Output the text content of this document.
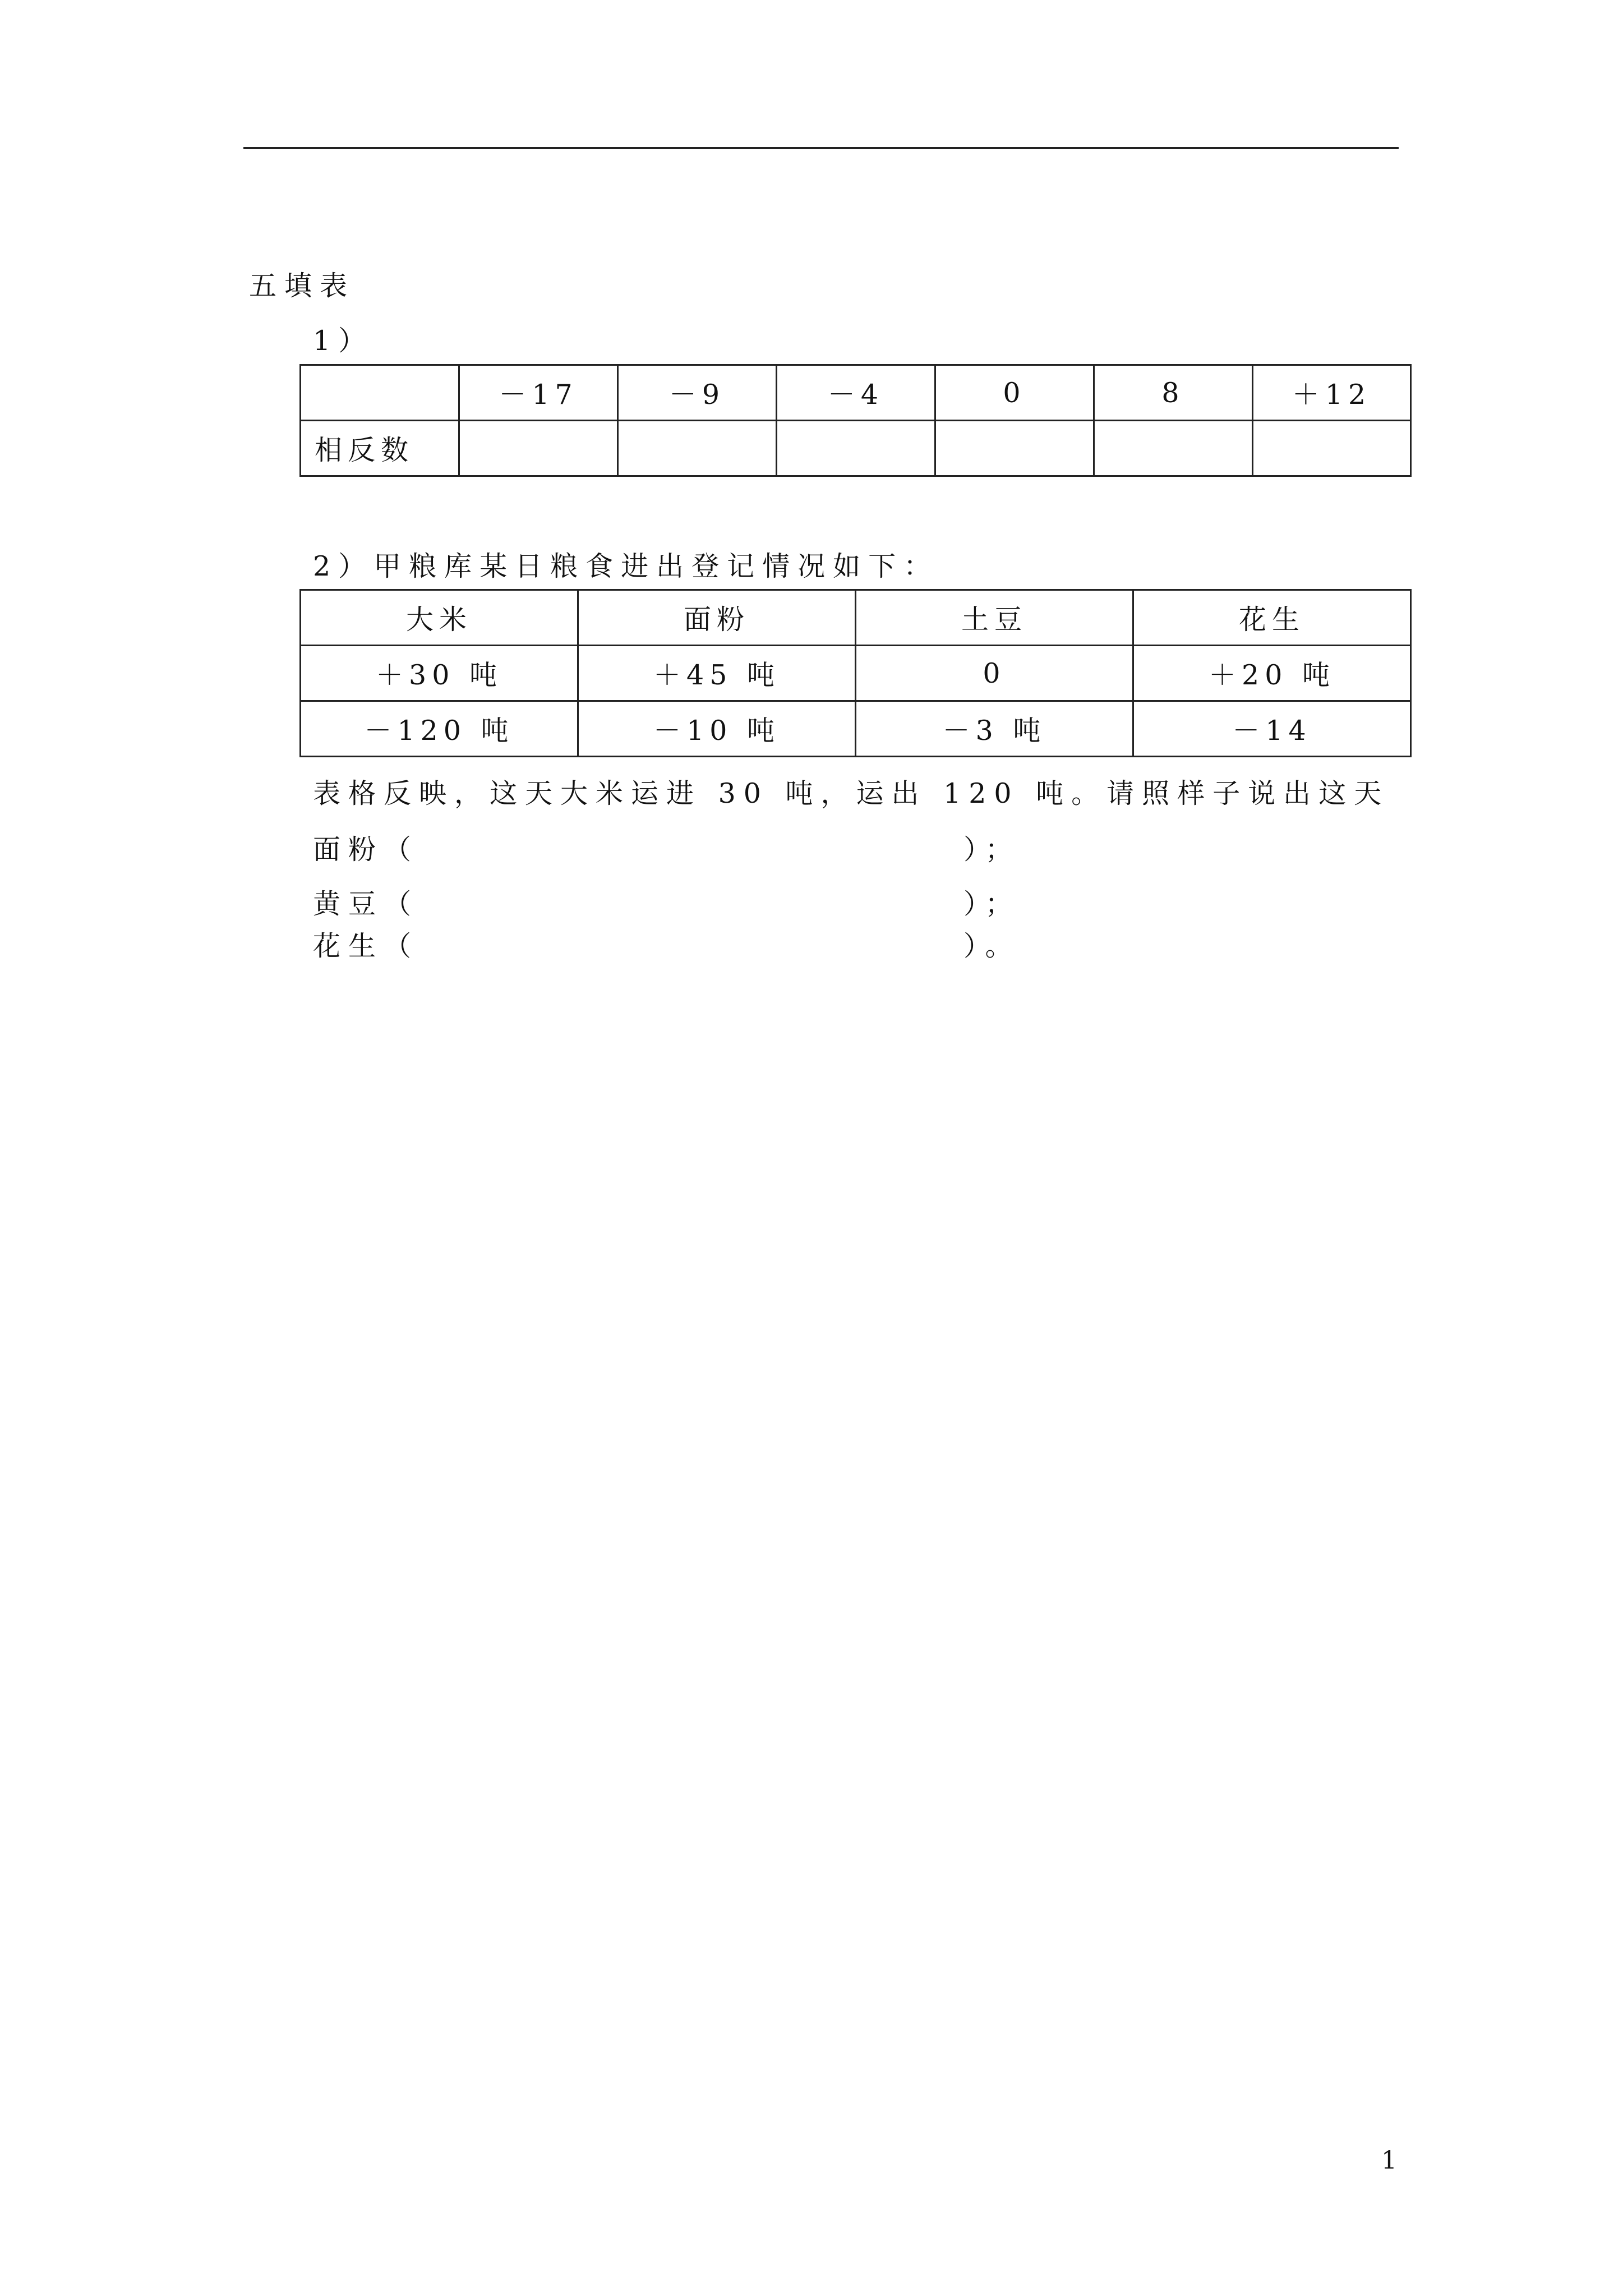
五填表
1）
	－17	－9	－4	0	8	＋12
相反数						
2）甲粮库某日粮食进出登记情况如下：
大米	面粉	土豆	花生
＋30 吨	＋45 吨	0	＋20 吨
－120 吨	－10 吨	－3 吨	－14
表格反映，这天大米运进 30 吨，运出 120 吨。请照样子说出这天
面粉（	）；
黄豆（	）；
花生（	）。
1
